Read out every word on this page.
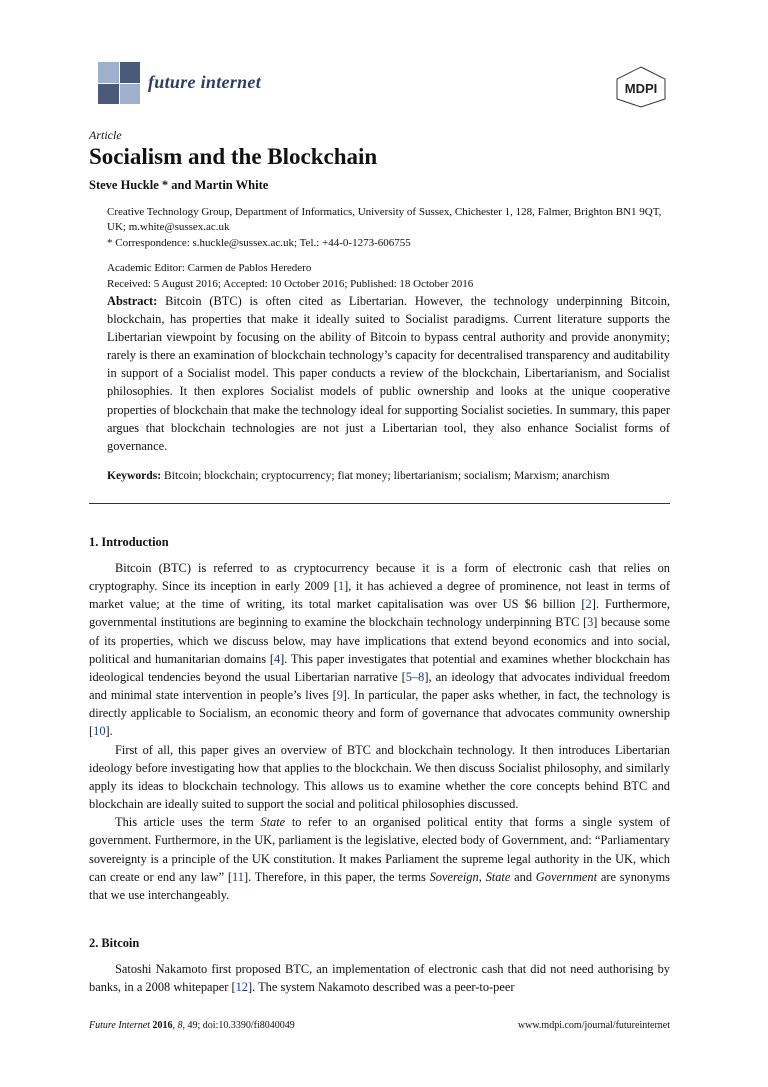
future internet	MDPI
Article
Socialism and the Blockchain
Steve Huckle * and Martin White
Creative Technology Group, Department of Informatics, University of Sussex, Chichester 1, 128, Falmer, Brighton BN1 9QT, UK; m.white@sussex.ac.uk
* Correspondence: s.huckle@sussex.ac.uk; Tel.: +44-0-1273-606755
Academic Editor: Carmen de Pablos Heredero
Received: 5 August 2016; Accepted: 10 October 2016; Published: 18 October 2016
Abstract: Bitcoin (BTC) is often cited as Libertarian. However, the technology underpinning Bitcoin, blockchain, has properties that make it ideally suited to Socialist paradigms. Current literature supports the Libertarian viewpoint by focusing on the ability of Bitcoin to bypass central authority and provide anonymity; rarely is there an examination of blockchain technology’s capacity for decentralised transparency and auditability in support of a Socialist model. This paper conducts a review of the blockchain, Libertarianism, and Socialist philosophies. It then explores Socialist models of public ownership and looks at the unique cooperative properties of blockchain that make the technology ideal for supporting Socialist societies. In summary, this paper argues that blockchain technologies are not just a Libertarian tool, they also enhance Socialist forms of governance.
Keywords: Bitcoin; blockchain; cryptocurrency; fiat money; libertarianism; socialism; Marxism; anarchism
1. Introduction

Bitcoin (BTC) is referred to as cryptocurrency because it is a form of electronic cash that relies on cryptography. Since its inception in early 2009 [1], it has achieved a degree of prominence, not least in terms of market value; at the time of writing, its total market capitalisation was over US $6 billion [2]. Furthermore, governmental institutions are beginning to examine the blockchain technology underpinning BTC [3] because some of its properties, which we discuss below, may have implications that extend beyond economics and into social, political and humanitarian domains [4]. This paper investigates that potential and examines whether blockchain has ideological tendencies beyond the usual Libertarian narrative [5–8], an ideology that advocates individual freedom and minimal state intervention in people’s lives [9]. In particular, the paper asks whether, in fact, the technology is directly applicable to Socialism, an economic theory and form of governance that advocates community ownership [10].

First of all, this paper gives an overview of BTC and blockchain technology. It then introduces Libertarian ideology before investigating how that applies to the blockchain. We then discuss Socialist philosophy, and similarly apply its ideas to blockchain technology. This allows us to examine whether the core concepts behind BTC and blockchain are ideally suited to support the social and political philosophies discussed.

This article uses the term State to refer to an organised political entity that forms a single system of government. Furthermore, in the UK, parliament is the legislative, elected body of Government, and: “Parliamentary sovereignty is a principle of the UK constitution. It makes Parliament the supreme legal authority in the UK, which can create or end any law” [11]. Therefore, in this paper, the terms Sovereign, State and Government are synonyms that we use interchangeably.

2. Bitcoin

Satoshi Nakamoto first proposed BTC, an implementation of electronic cash that did not need authorising by banks, in a 2008 whitepaper [12]. The system Nakamoto described was a peer-to-peer

Future Internet 2016, 8, 49; doi:10.3390/fi8040049	www.mdpi.com/journal/futureinternet
